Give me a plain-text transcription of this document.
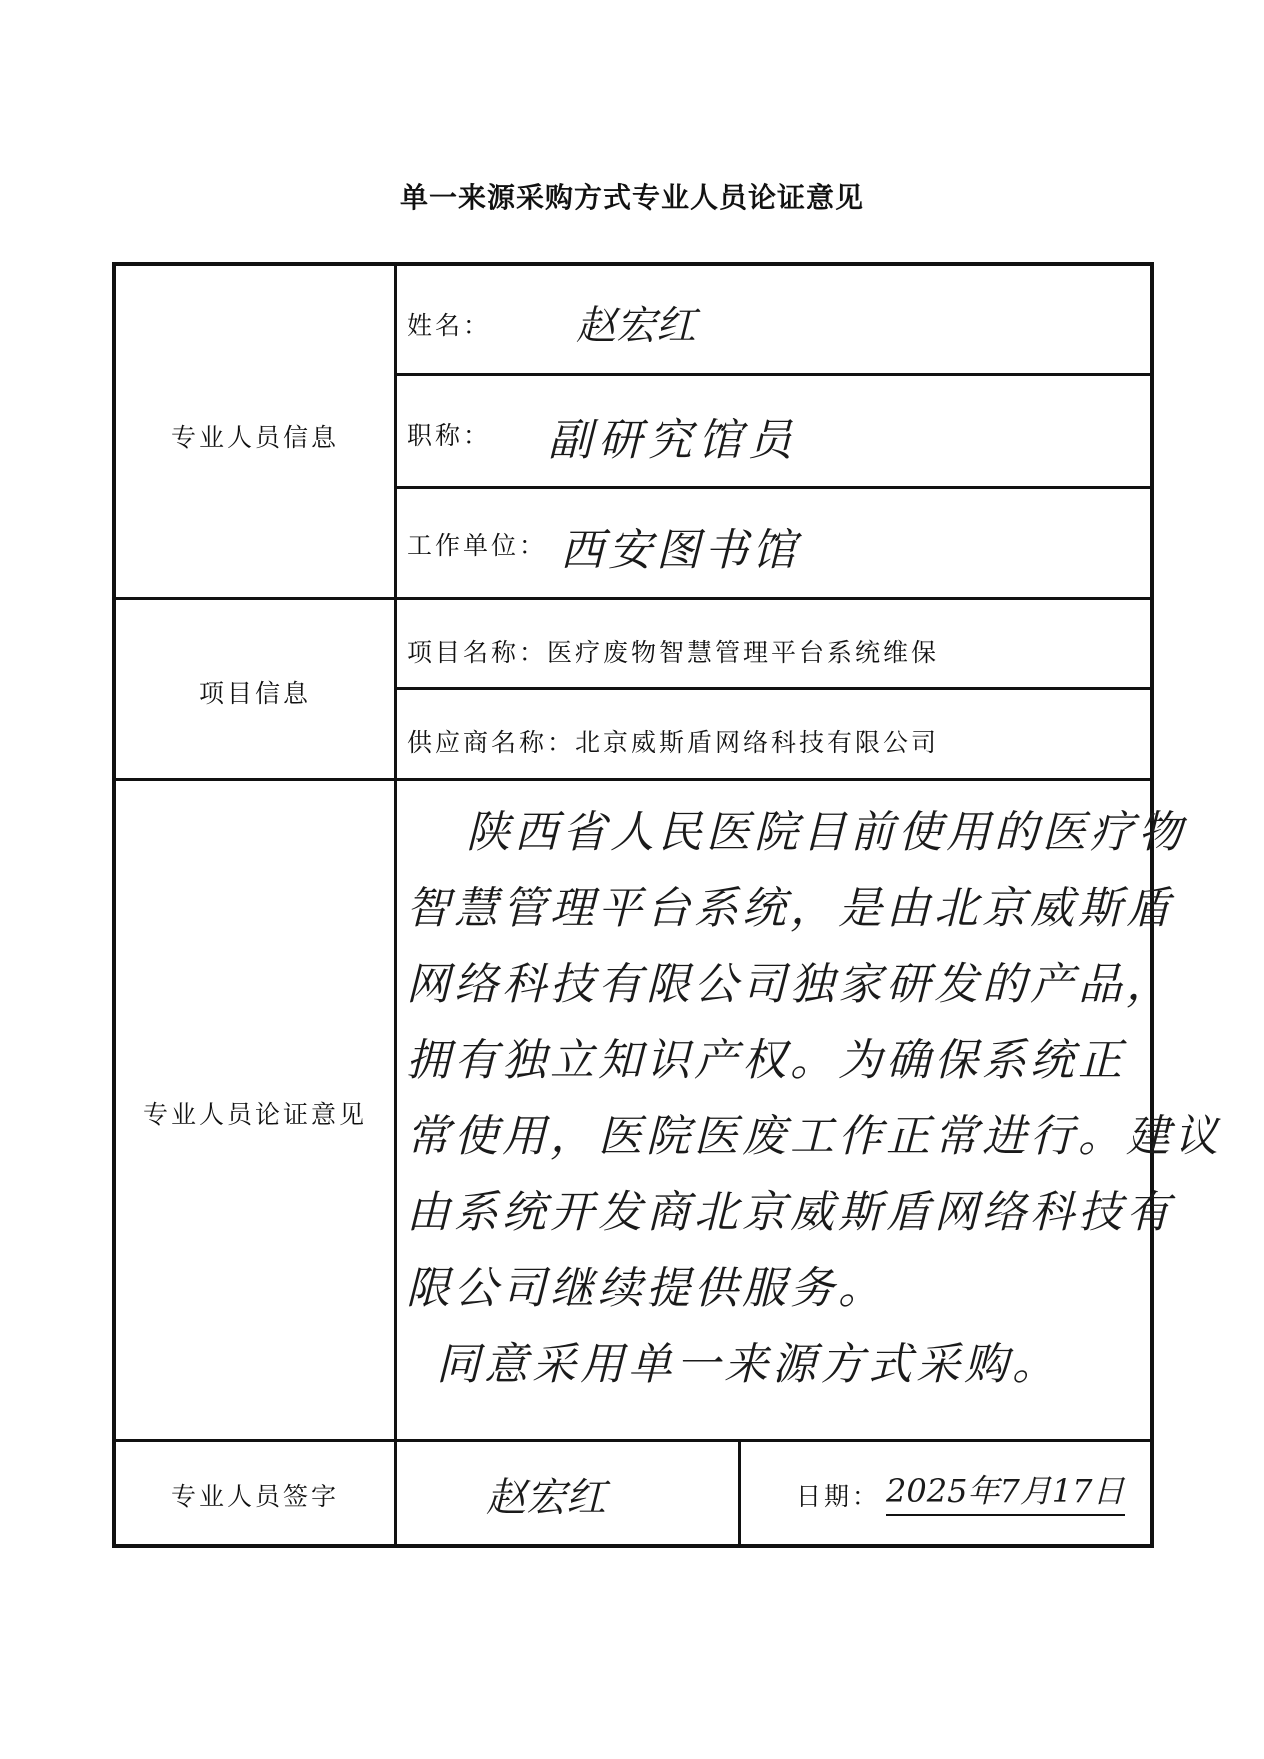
单一来源采购方式专业人员论证意见
专业人员信息
项目信息
专业人员论证意见
专业人员签字
姓名： 赵宏红
职称： 副研究馆员
工作单位： 西安图书馆
项目名称：医疗废物智慧管理平台系统维保
供应商名称：北京威斯盾网络科技有限公司
陕西省人民医院目前使用的医疗物
智慧管理平台系统，是由北京威斯盾
网络科技有限公司独家研发的产品，
拥有独立知识产权。为确保系统正
常使用，医院医废工作正常进行。建议
由系统开发商北京威斯盾网络科技有
限公司继续提供服务。
同意采用单一来源方式采购。
赵宏红	日期： 2025年7月17日
